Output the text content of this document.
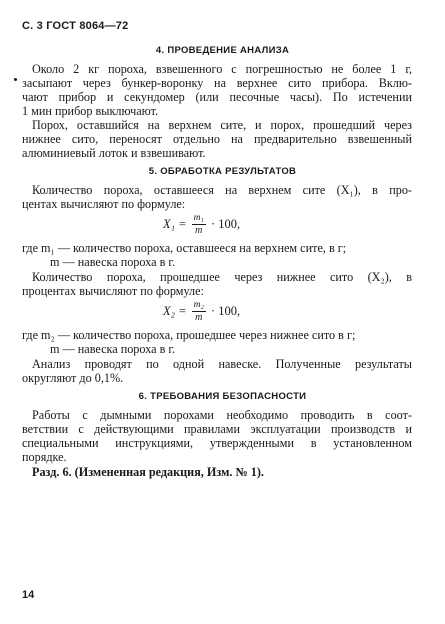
С. 3 ГОСТ 8064—72
4. ПРОВЕДЕНИЕ АНАЛИЗА
Около 2 кг пороха, взвешенного с погрешностью не более 1 г,
засыпают через бункер-воронку на верхнее сито прибора. Вклю-
чают прибор и секундомер (или песочные часы). По истечении
1 мин прибор выключают.
Порох, оставшийся на верхнем сите, и порох, прошедший через
нижнее сито, переносят отдельно на предварительно взвешенный
алюминиевый лоток и взвешивают.
5. ОБРАБОТКА РЕЗУЛЬТАТОВ
Количество пороха, оставшееся на верхнем сите (X₁), в про-
центах вычисляют по формуле:
$X_1 = \frac{\text{m₁}}{m} \cdot 100$,
где m₁ — количество пороха, оставшееся на верхнем сите, в г;
m — навеска пороха в г.
Количество пороха, прошедшее через нижнее сито (X₂), в
процентах вычисляют по формуле:
$X_2 = \frac{\text{m₂}}{m} \cdot 100$,
где m₂ — количество пороха, прошедшее через нижнее сито в г;
m — навеска пороха в г.
Анализ проводят по одной навеске. Полученные результаты
округляют до 0,1%.
6. ТРЕБОВАНИЯ БЕЗОПАСНОСТИ
Работы с дымными порохами необходимо проводить в соот-
ветствии с действующими правилами эксплуатации производств и
специальными инструкциями, утвержденными в установленном
порядке.
Разд. 6. (Измененная редакция, Изм. № 1).
14
